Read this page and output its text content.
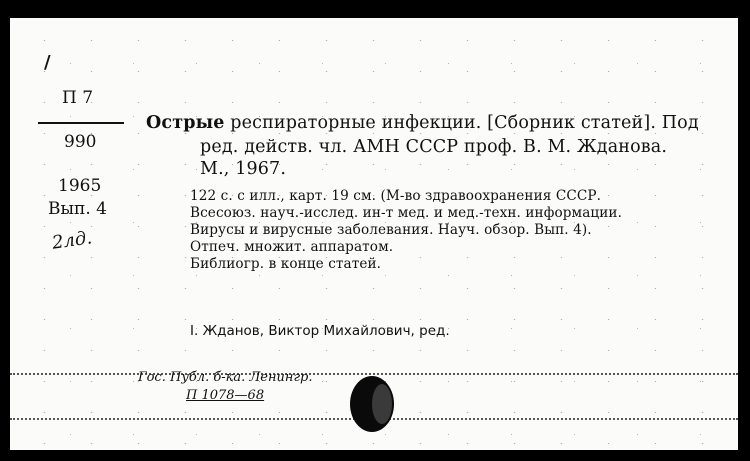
/
П 7
990
1965
Вып. 4
2лд.
Острые респираторные инфекции. [Сборник статей]. Под
ред. действ. чл. АМН СССР проф. В. М. Жданова.
М., 1967.
122 с. с илл., карт. 19 см. (М-во здравоохранения СССР.
Всесоюз. науч.-исслед. ин-т мед. и мед.-техн. информации.
Вирусы и вирусные заболевания. Науч. обзор. Вып. 4).
Отпеч. множит. аппаратом.
Библиогр. в конце статей.
I. Жданов, Виктор Михайлович, ред.
Гос. Публ. б-ка. Ленингр.
П 1078—68
